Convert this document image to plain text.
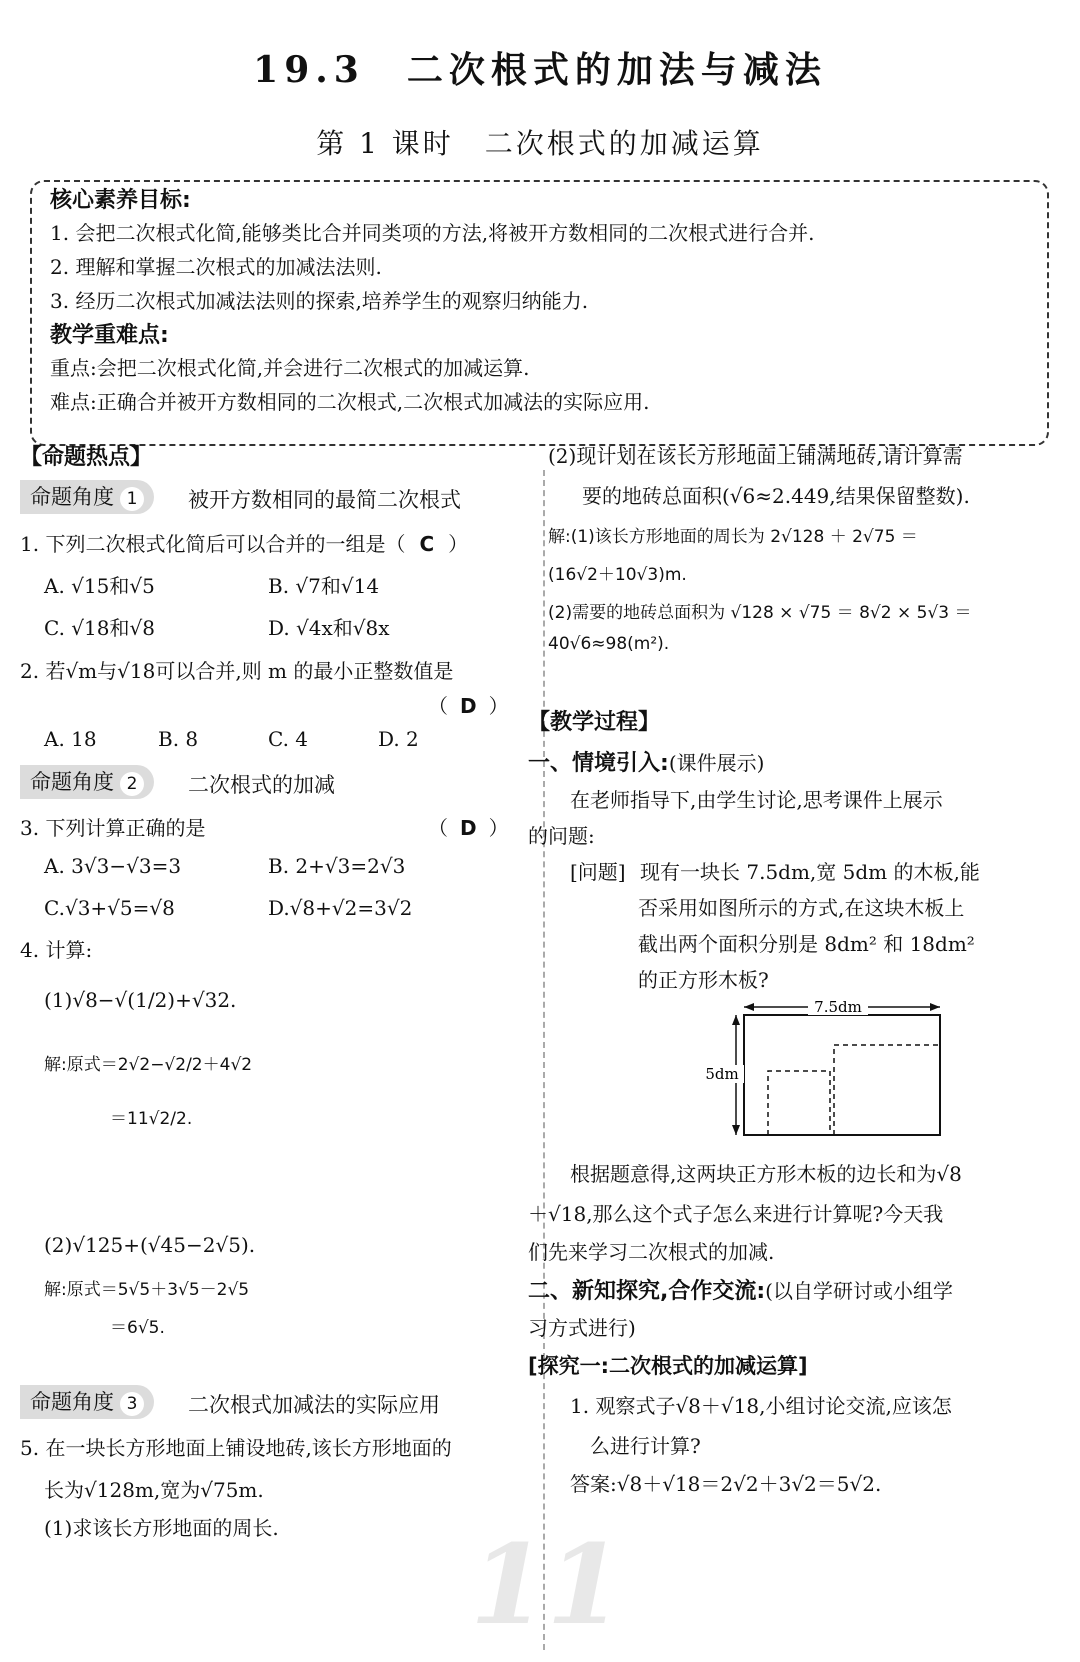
19.3　二次根式的加法与减法
第 1 课时　二次根式的加减运算
核心素养目标:
1. 会把二次根式化简,能够类比合并同类项的方法,将被开方数相同的二次根式进行合并.
2. 理解和掌握二次根式的加减法法则.
3. 经历二次根式加减法法则的探索,培养学生的观察归纳能力.
教学重难点:
重点:会把二次根式化简,并会进行二次根式的加减运算.
难点:正确合并被开方数相同的二次根式,二次根式加减法的实际应用.
【命题热点】
命题角度 1	被开方数相同的最简二次根式
1. 下列二次根式化简后可以合并的一组是（ C ）
A. √15和√5	B. √7和√14
C. √18和√8	D. √4x和√8x
2. 若√m与√18可以合并,则 m 的最小正整数值是
（ D ）
A. 18	B. 8	C. 4	D. 2
命题角度 2	二次根式的加减
3. 下列计算正确的是	（ D ）
A. 3√3−√3=3	B. 2+√3=2√3
C.√3+√5=√8	D.√8+√2=3√2
4. 计算:
(1)√8−√(1/2)+√32.
解:原式＝2√2−√2/2＋4√2
＝11√2/2.
(2)√125+(√45−2√5).
解:原式＝5√5＋3√5－2√5
＝6√5.
命题角度 3	二次根式加减法的实际应用
5. 在一块长方形地面上铺设地砖,该长方形地面的
长为√128m,宽为√75m.
(1)求该长方形地面的周长. 11
(2)现计划在该长方形地面上铺满地砖,请计算需
要的地砖总面积(√6≈2.449,结果保留整数).
解:(1)该长方形地面的周长为 2√128 ＋ 2√75 ＝
(16√2＋10√3)m.
(2)需要的地砖总面积为 √128 × √75 ＝ 8√2 × 5√3 ＝
40√6≈98(m²).
【教学过程】
一、情境引入:(课件展示)
在老师指导下,由学生讨论,思考课件上展示
的问题:
[问题] 现有一块长 7.5dm,宽 5dm 的木板,能
否采用如图所示的方式,在这块木板上
截出两个面积分别是 8dm² 和 18dm²
的正方形木板?
7.5dm
5dm
根据题意得,这两块正方形木板的边长和为√8
＋√18,那么这个式子怎么来进行计算呢?今天我
们先来学习二次根式的加减.
二、新知探究,合作交流:(以自学研讨或小组学
习方式进行)
[探究一:二次根式的加减运算]
1. 观察式子√8＋√18,小组讨论交流,应该怎
么进行计算?
答案:√8＋√18＝2√2＋3√2＝5√2.
